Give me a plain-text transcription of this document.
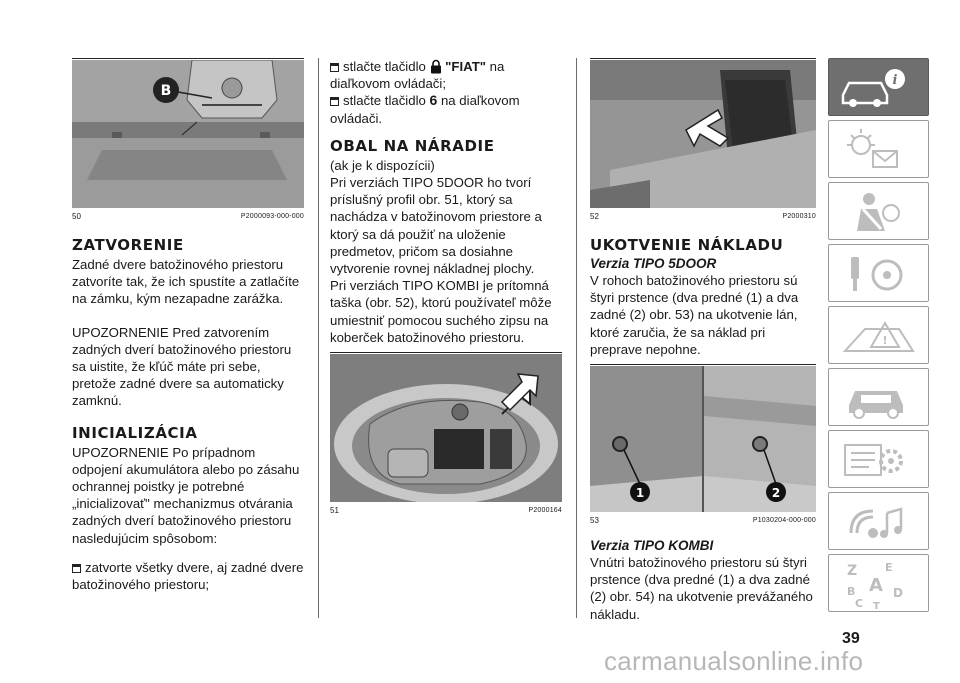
B
50	P2000093-000-000
ZATVORENIE

Zadné dvere batožinového priestoru zatvoríte tak, že ich spustíte a zatlačíte na zámku, kým nezapadne zarážka.

UPOZORNENIE Pred zatvorením zadných dverí batožinového priestoru sa uistite, že kľúč máte pri sebe, pretože zadné dvere sa automaticky zamknú.

INICIALIZÁCIA

UPOZORNENIE Po prípadnom odpojení akumulátora alebo po zásahu ochrannej poistky je potrebné „inicializovať" mechanizmus otvárania zadných dverí batožinového priestoru nasledujúcim spôsobom:

zatvorte všetky dvere, aj zadné dvere batožinového priestoru;
stlačte tlačidlo "FIAT" na diaľkovom ovládači;
stlačte tlačidlo 6 na diaľkovom ovládači.
OBAL NA NÁRADIE

(ak je k dispozícii)

Pri verziách TIPO 5DOOR ho tvorí príslušný profil obr. 51, ktorý sa nachádza v batožinovom priestore a ktorý sa dá použiť na uloženie predmetov, pričom sa dosiahne vytvorenie rovnej nákladnej plochy.

Pri verziách TIPO KOMBI je prítomná taška (obr. 52), ktorú používateľ môže umiestniť pomocou suchého zipsu na koberček batožinového priestoru.

51	P2000164
52	P2000310
UKOTVENIE NÁKLADU
Verzia TIPO 5DOOR

V rohoch batožinového priestoru sú štyri prstence (dva predné (1) a dva zadné (2) obr. 53) na ukotvenie lán, ktoré zaručia, že sa náklad pri preprave nepohne.

1	2
53	P1030204-000-000
Verzia TIPO KOMBI

Vnútri batožinového priestoru sú štyri prstence (dva predné (1) a dva zadné (2) obr. 54) na ukotvenie prevážaného nákladu.

i
!
Z	E
A
B	D
C T
39
carmanualsonline.info
